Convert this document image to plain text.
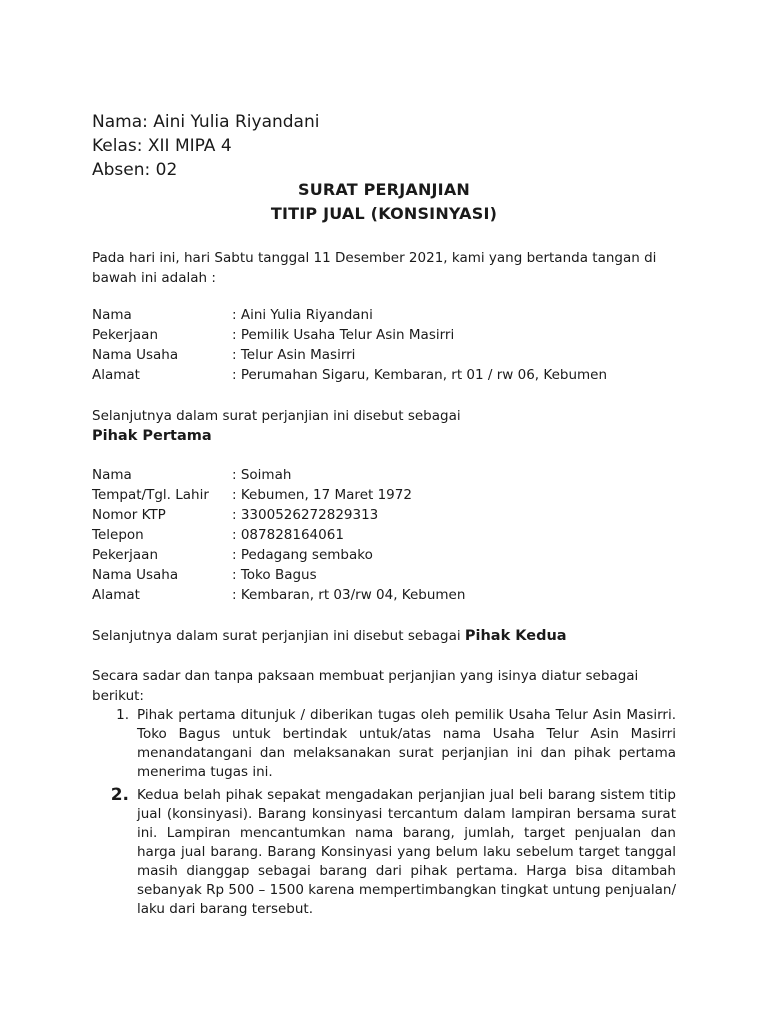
Nama: Aini Yulia Riyandani
Kelas: XII MIPA 4
Absen: 02
SURAT PERJANJIAN
TITIP JUAL (KONSINYASI)
Pada hari ini, hari Sabtu tanggal 11 Desember 2021, kami yang bertanda tangan di bawah ini adalah :
Nama	: Aini Yulia Riyandani
Pekerjaan	: Pemilik Usaha Telur Asin Masirri
Nama Usaha	: Telur Asin Masirri
Alamat	: Perumahan Sigaru, Kembaran, rt 01 / rw 06, Kebumen
Selanjutnya dalam surat perjanjian ini disebut sebagai
Pihak Pertama
Nama	: Soimah
Tempat/Tgl. Lahir	: Kebumen, 17 Maret 1972
Nomor KTP	: 3300526272829313
Telepon	: 087828164061
Pekerjaan	: Pedagang sembako
Nama Usaha	: Toko Bagus
Alamat	: Kembaran, rt 03/rw 04, Kebumen
Selanjutnya dalam surat perjanjian ini disebut sebagai Pihak Kedua
Secara sadar dan tanpa paksaan membuat perjanjian yang isinya diatur sebagai berikut:
1. Pihak pertama ditunjuk / diberikan tugas oleh pemilik Usaha Telur Asin Masirri. Toko Bagus untuk bertindak untuk/atas nama Usaha Telur Asin Masirri menandatangani dan melaksanakan surat perjanjian ini dan pihak pertama menerima tugas ini.
2. Kedua belah pihak sepakat mengadakan perjanjian jual beli barang sistem titip jual (konsinyasi). Barang konsinyasi tercantum dalam lampiran bersama surat ini. Lampiran mencantumkan nama barang, jumlah, target penjualan dan harga jual barang. Barang Konsinyasi yang belum laku sebelum target tanggal masih dianggap sebagai barang dari pihak pertama. Harga bisa ditambah sebanyak Rp 500 – 1500 karena mempertimbangkan tingkat untung penjualan/ laku dari barang tersebut.
